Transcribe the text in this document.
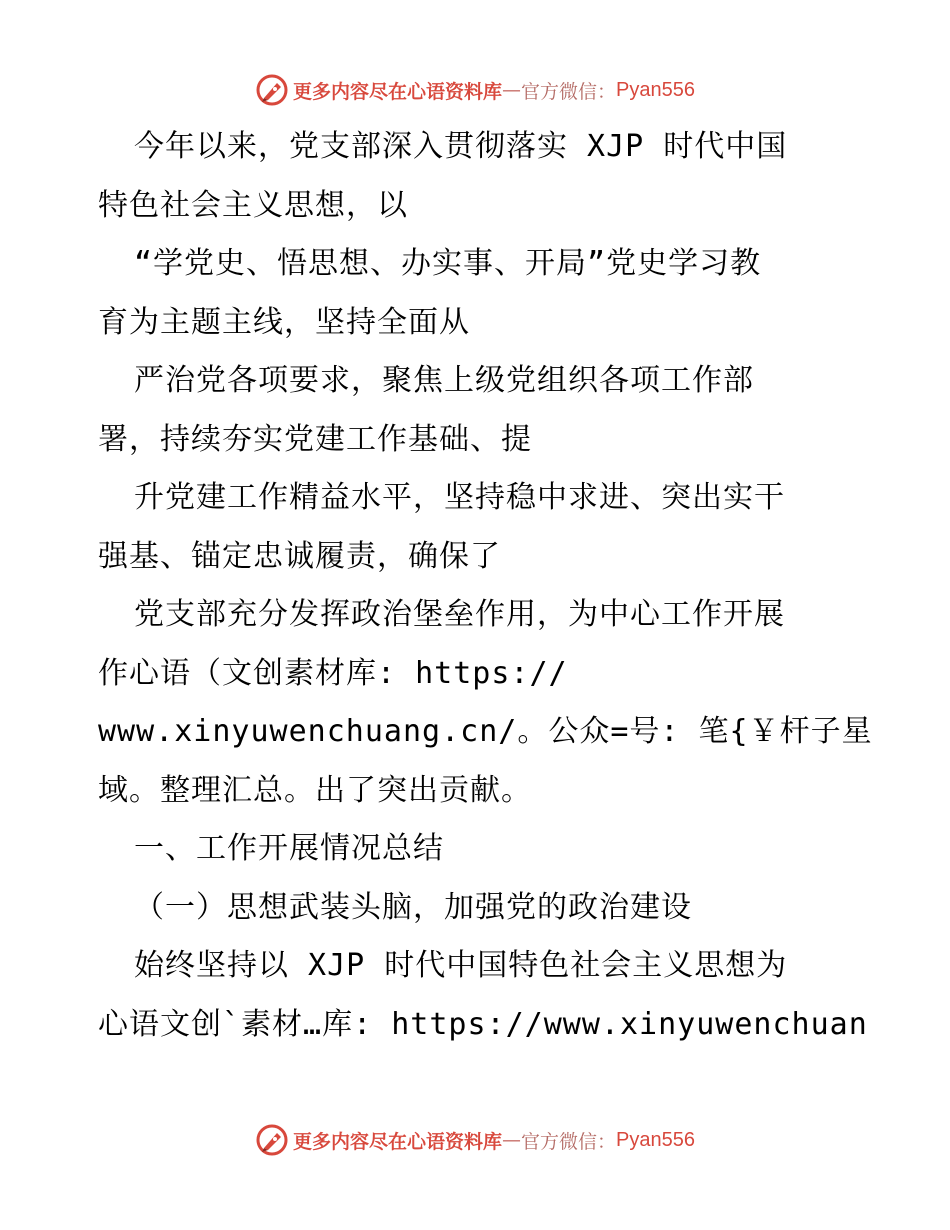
更多内容尽在心语资料库 — 官方微信： Pyan556
今年以来，党支部深入贯彻落实 XJP 时代中国
特色社会主义思想，以
“学党史、悟思想、办实事、开局”党史学习教
育为主题主线，坚持全面从
严治党各项要求，聚焦上级党组织各项工作部
署，持续夯实党建工作基础、提
升党建工作精益水平，坚持稳中求进、突出实干
强基、锚定忠诚履责，确保了
党支部充分发挥政治堡垒作用，为中心工作开展
作心语（文创素材库: https://
www.xinyuwenchuang.cn/。公众=号: 笔{￥杆子星
域。整理汇总。出了突出贡献。
一、工作开展情况总结
（一）思想武装头脑，加强党的政治建设
始终坚持以 XJP 时代中国特色社会主义思想为
心语文创`素材…库: https://www.xinyuwenchuan
更多内容尽在心语资料库 — 官方微信： Pyan556
